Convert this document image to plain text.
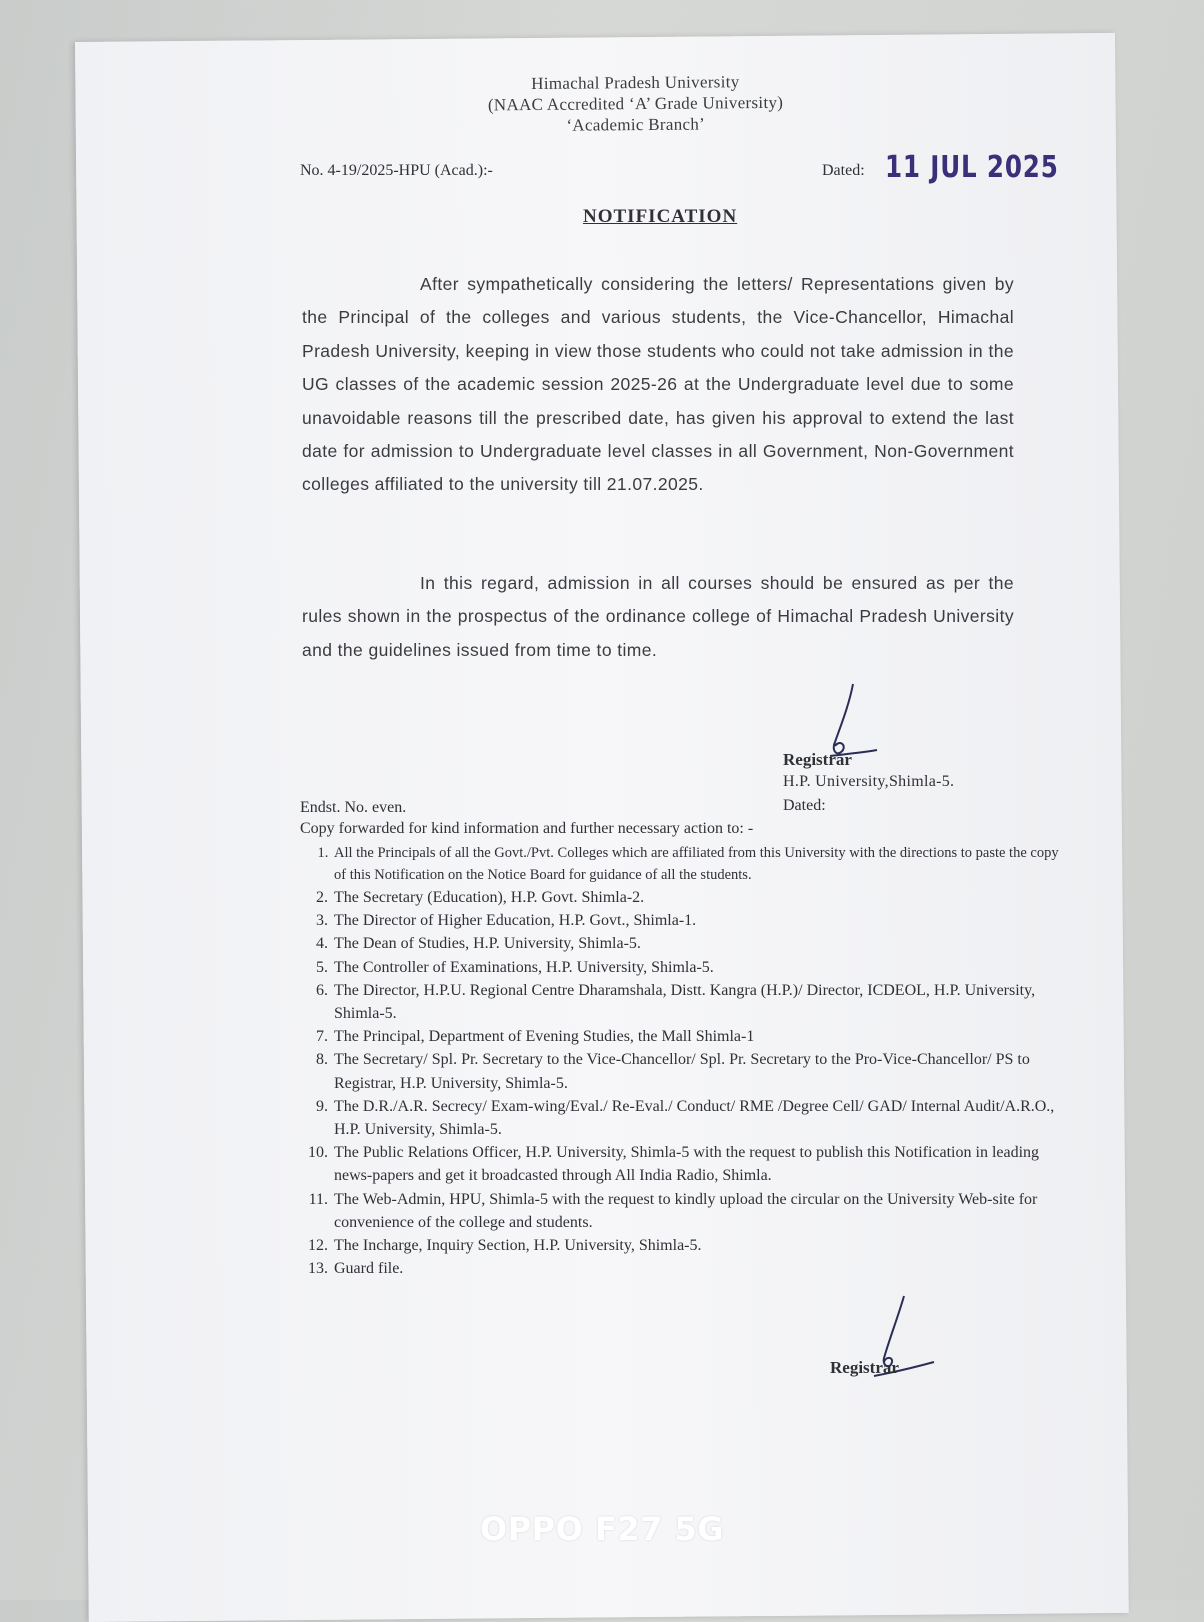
Himachal Pradesh University
(NAAC Accredited ‘A’ Grade University)
‘Academic Branch’
No. 4-19/2025-HPU (Acad.):-	Dated: 11 JUL 2025
NOTIFICATION
After sympathetically considering the letters/ Representations given by the Principal of the colleges and various students, the Vice-Chancellor, Himachal Pradesh University, keeping in view those students who could not take admission in the UG classes of the academic session 2025-26 at the Undergraduate level due to some unavoidable reasons till the prescribed date, has given his approval to extend the last date for admission to Undergraduate level classes in all Government, Non-Government colleges affiliated to the university till 21.07.2025.
In this regard, admission in all courses should be ensured as per the rules shown in the prospectus of the ordinance college of Himachal Pradesh University and the guidelines issued from time to time.
Registrar
H.P. University,Shimla-5.
Dated:
Endst. No. even.
Copy forwarded for kind information and further necessary action to: -
1. All the Principals of all the Govt./Pvt. Colleges which are affiliated from this University with the directions to paste the copy of this Notification on the Notice Board for guidance of all the students.
2. The Secretary (Education), H.P. Govt. Shimla-2.
3. The Director of Higher Education, H.P. Govt., Shimla-1.
4. The Dean of Studies, H.P. University, Shimla-5.
5. The Controller of Examinations, H.P. University, Shimla-5.
6. The Director, H.P.U. Regional Centre Dharamshala, Distt. Kangra (H.P.)/ Director, ICDEOL, H.P. University, Shimla-5.
7. The Principal, Department of Evening Studies, the Mall Shimla-1
8. The Secretary/ Spl. Pr. Secretary to the Vice-Chancellor/ Spl. Pr. Secretary to the Pro-Vice-Chancellor/ PS to Registrar, H.P. University, Shimla-5.
9. The D.R./A.R. Secrecy/ Exam-wing/Eval./ Re-Eval./ Conduct/ RME /Degree Cell/ GAD/ Internal Audit/A.R.O., H.P. University, Shimla-5.
10. The Public Relations Officer, H.P. University, Shimla-5 with the request to publish this Notification in leading news-papers and get it broadcasted through All India Radio, Shimla.
11. The Web-Admin, HPU, Shimla-5 with the request to kindly upload the circular on the University Web-site for convenience of the college and students.
12. The Incharge, Inquiry Section, H.P. University, Shimla-5.
13. Guard file.
Registrar
OPPO F27 5G
